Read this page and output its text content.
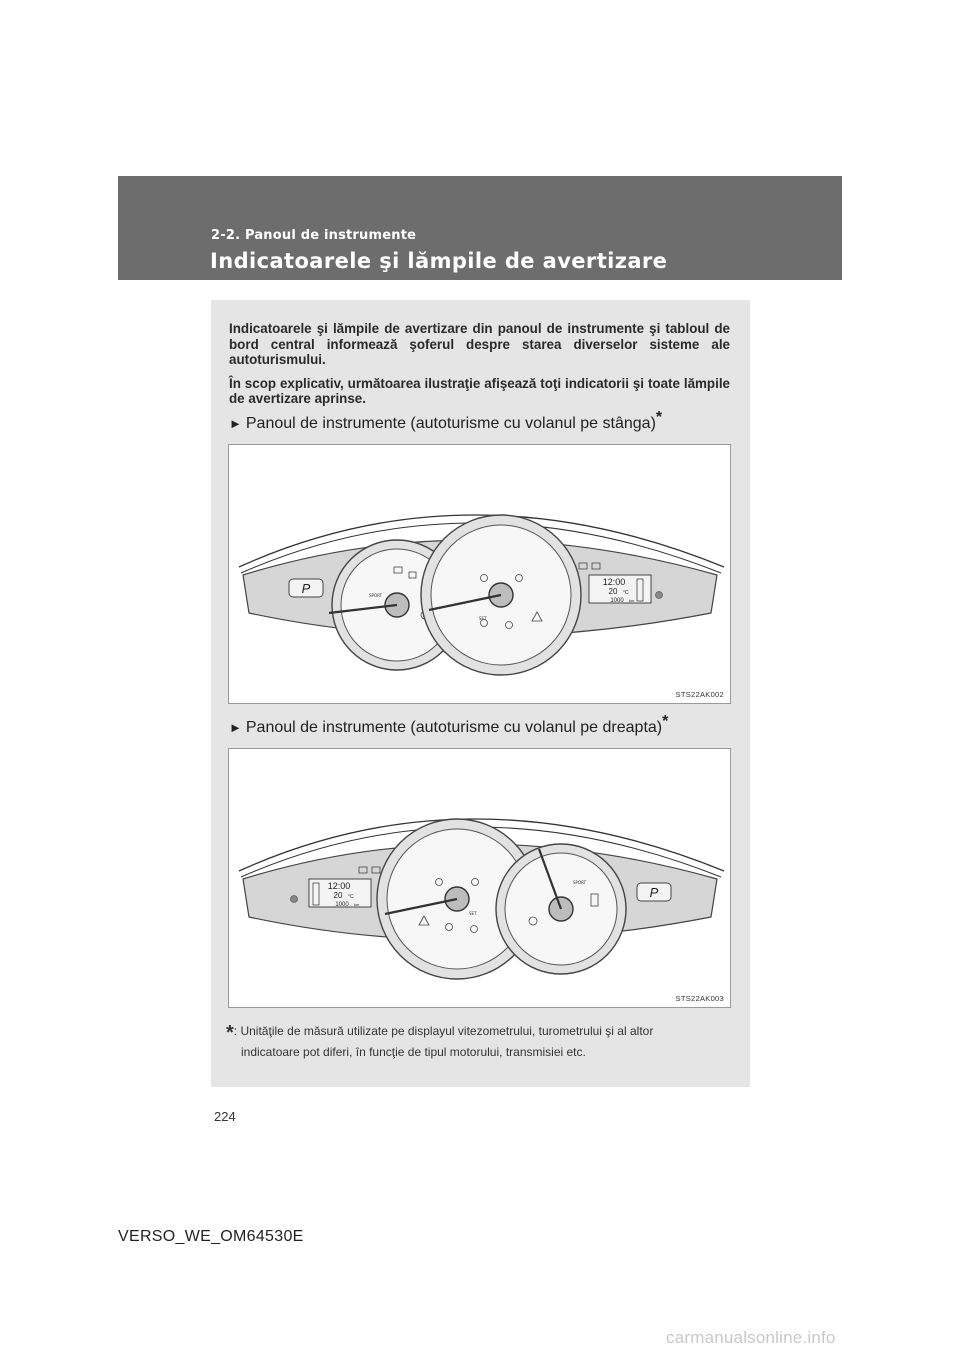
2-2. Panoul de instrumente
Indicatoarele şi lămpile de avertizare

Indicatoarele şi lămpile de avertizare din panoul de instrumente şi tabloul de bord central informează şoferul despre starea diverselor sisteme ale autoturismului.

În scop explicativ, următoarea ilustraţie afişează toţi indicatorii şi toate lămpile de avertizare aprinse.

► Panoul de instrumente (autoturisme cu volanul pe stânga)*
P	SPORT
SET
12:00
20 °C
1000 km
STS22AK002
► Panoul de instrumente (autoturisme cu volanul pe dreapta)*
12:00
20 °C
1000 km
SET
SPORT
P
STS22AK003
*: Unităţile de măsură utilizate pe displayul vitezometrului, turometrului şi al altor
indicatoare pot diferi, în funcţie de tipul motorului, transmisiei etc.
224
VERSO_WE_OM64530E
carmanualsonline.info
